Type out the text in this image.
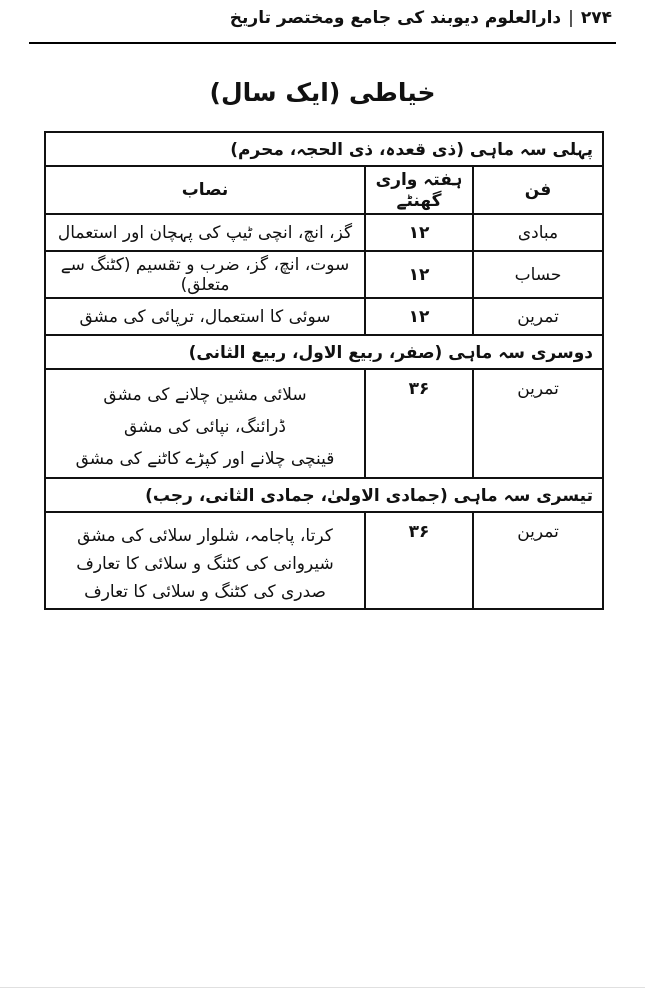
۲۷۴|دارالعلوم دیوبند کی جامع ومختصر تاریخ
خیاطی (ایک سال)
پہلی سہ ماہی (ذی قعدہ، ذی الحجہ، محرم)		
فن	ہفتہ واری گھنٹے	نصاب
مبادی	۱۲	گز، انچ، انچی ٹیپ کی پہچان اور استعمال
حساب	۱۲	سوت، انچ، گز، ضرب و تقسیم (کٹنگ سے متعلق)
تمرین	۱۲	سوئی کا استعمال، ترپائی کی مشق
دوسری سہ ماہی (صفر، ربیع الاول، ربیع الثانی)		
تمرین	۳۶	سلائی مشین چلانے کی مشق
ڈرائنگ، نپائی کی مشق
قینچی چلانے اور کپڑے کاٹنے کی مشق

تیسری سہ ماہی (جمادی الاولیٰ، جمادی الثانی، رجب)		
تمرین	۳۶	کرتا، پاجامہ، شلوار سلائی کی مشق
شیروانی کی کٹنگ و سلائی کا تعارف
صدری کی کٹنگ و سلائی کا تعارف
